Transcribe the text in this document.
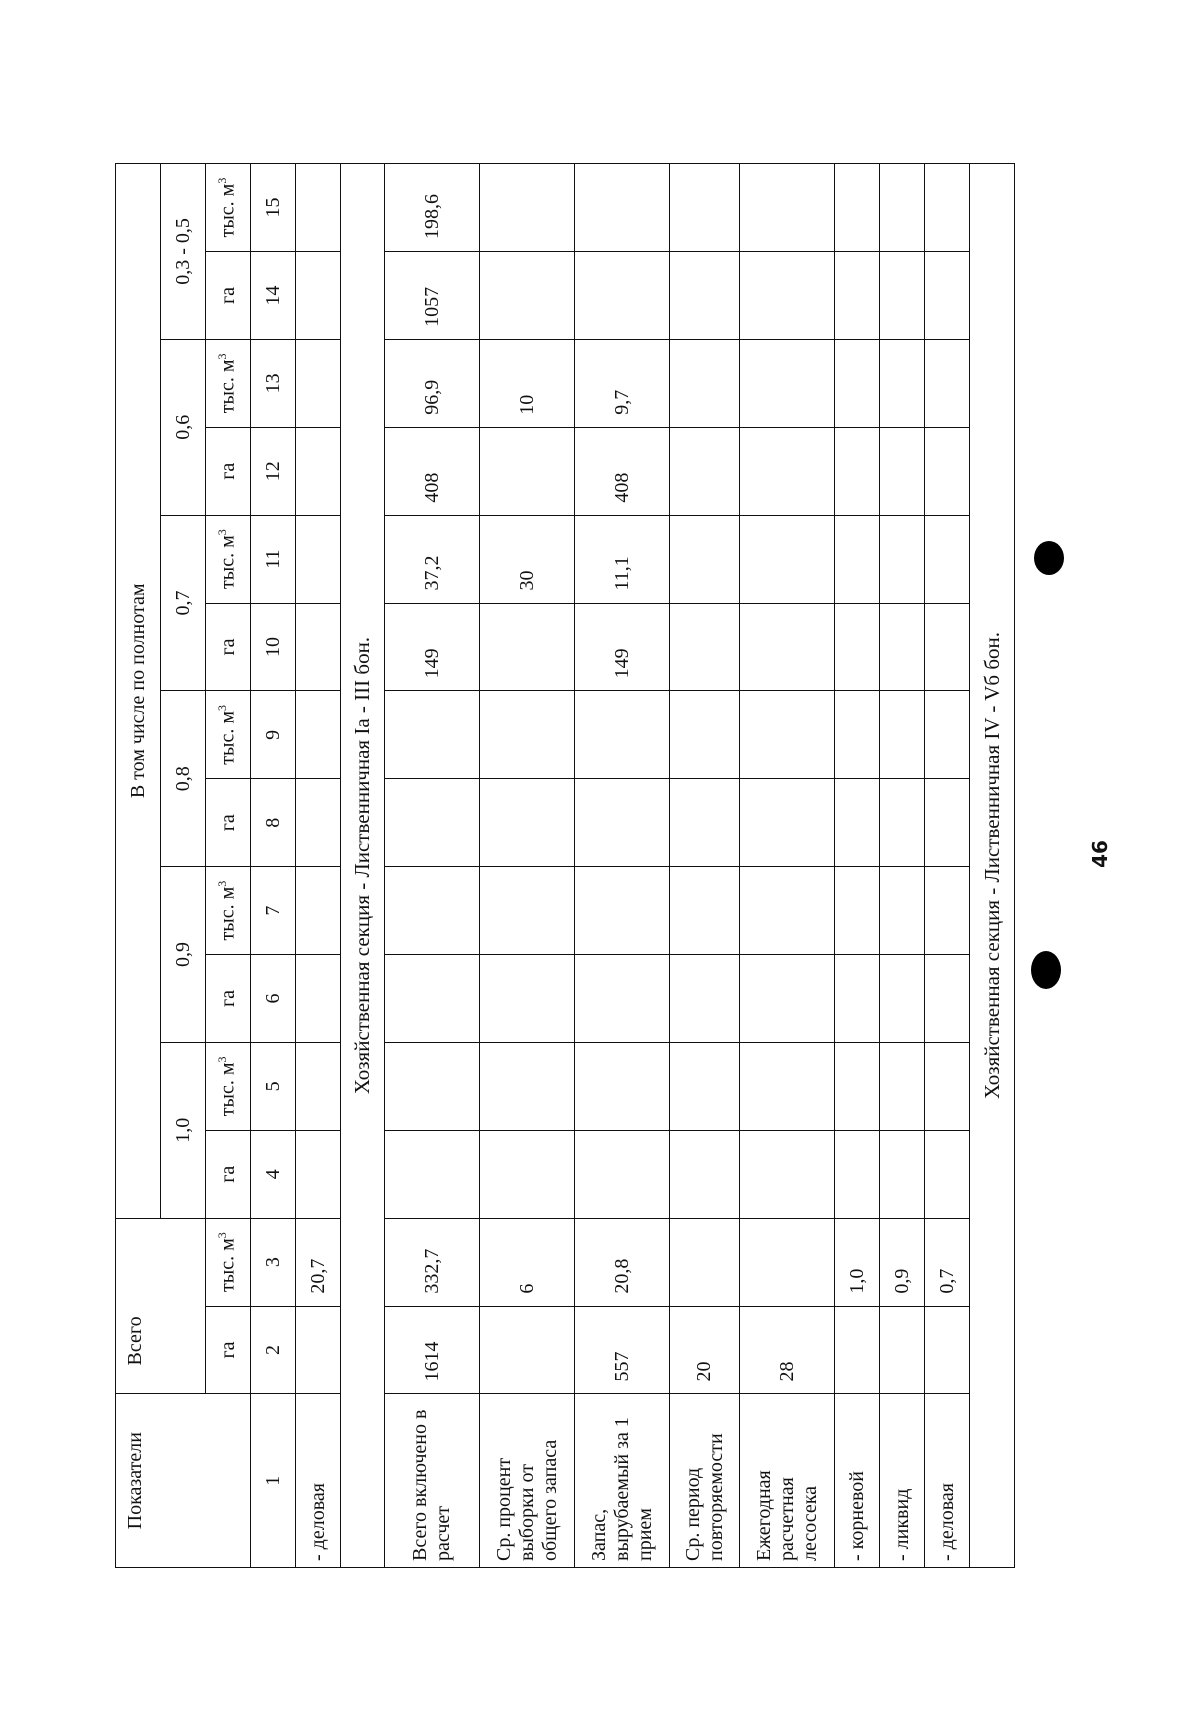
Показатели	Всего		В том числе по полнотам											
			1,0		0,9		0,8		0,7		0,6		0,3 - 0,5	
	га	тыс. $м^3$	га	тыс. $м^3$	га	тыс. $м^3$	га	тыс. $м^3$	га	тыс. $м^3$	га	тыс. $м^3$	га	тыс. $м^3$
1	2	3	4	5	6	7	8	9	10	11	12	13	14	15
- деловая		20,7												
Хозяйственная секция - Лиственничная Ia - III бон.														
Всего включено в расчет	1614	332,7							149	37,2	408	96,9	1057	198,6
Ср. процент выборки от общего запаса		6								30		10		
Запас, вырубаемый за 1 прием	557	20,8							149	11,1	408	9,7		
Ср. период повторяемости	20													
Ежегодная расчетная лесосека	28													
- корневой		1,0												
- ликвид		0,9												
- деловая		0,7												
Хозяйственная секция - Лиственничная IV - Vб бон.															46
